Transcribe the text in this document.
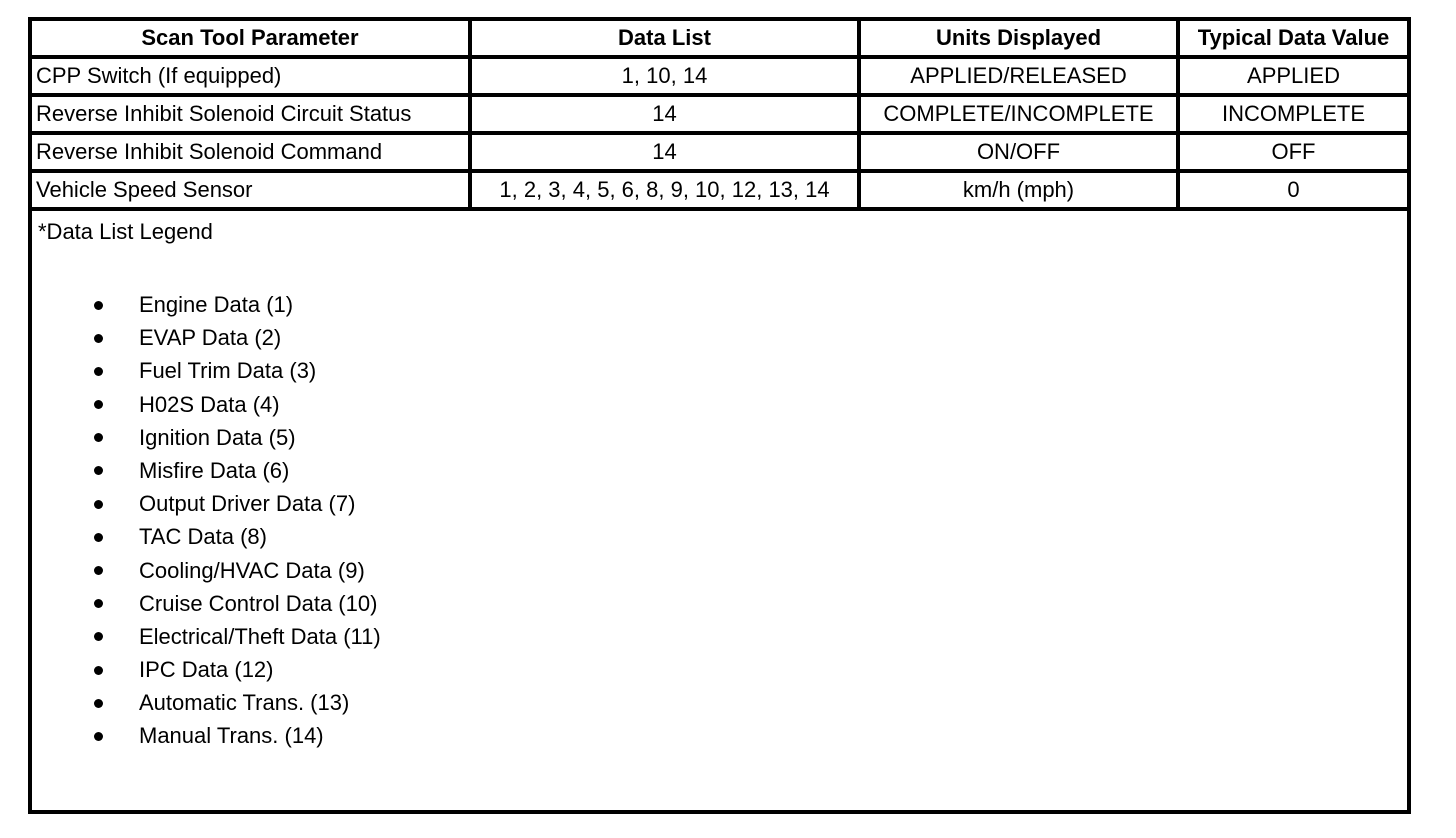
Scan Tool Parameter	Data List	Units Displayed	Typical Data Value
CPP Switch (If equipped)	1, 10, 14	APPLIED/RELEASED	APPLIED
Reverse Inhibit Solenoid Circuit Status	14	COMPLETE/INCOMPLETE	INCOMPLETE
Reverse Inhibit Solenoid Command	14	ON/OFF	OFF
Vehicle Speed Sensor	1, 2, 3, 4, 5, 6, 8, 9, 10, 12, 13, 14	km/h (mph)	0
*Data List Legend
Engine Data (1)
EVAP Data (2)
Fuel Trim Data (3)
H02S Data (4)
Ignition Data (5)
Misfire Data (6)
Output Driver Data (7)
TAC Data (8)
Cooling/HVAC Data (9)
Cruise Control Data (10)
Electrical/Theft Data (11)
IPC Data (12)
Automatic Trans. (13)
Manual Trans. (14)
